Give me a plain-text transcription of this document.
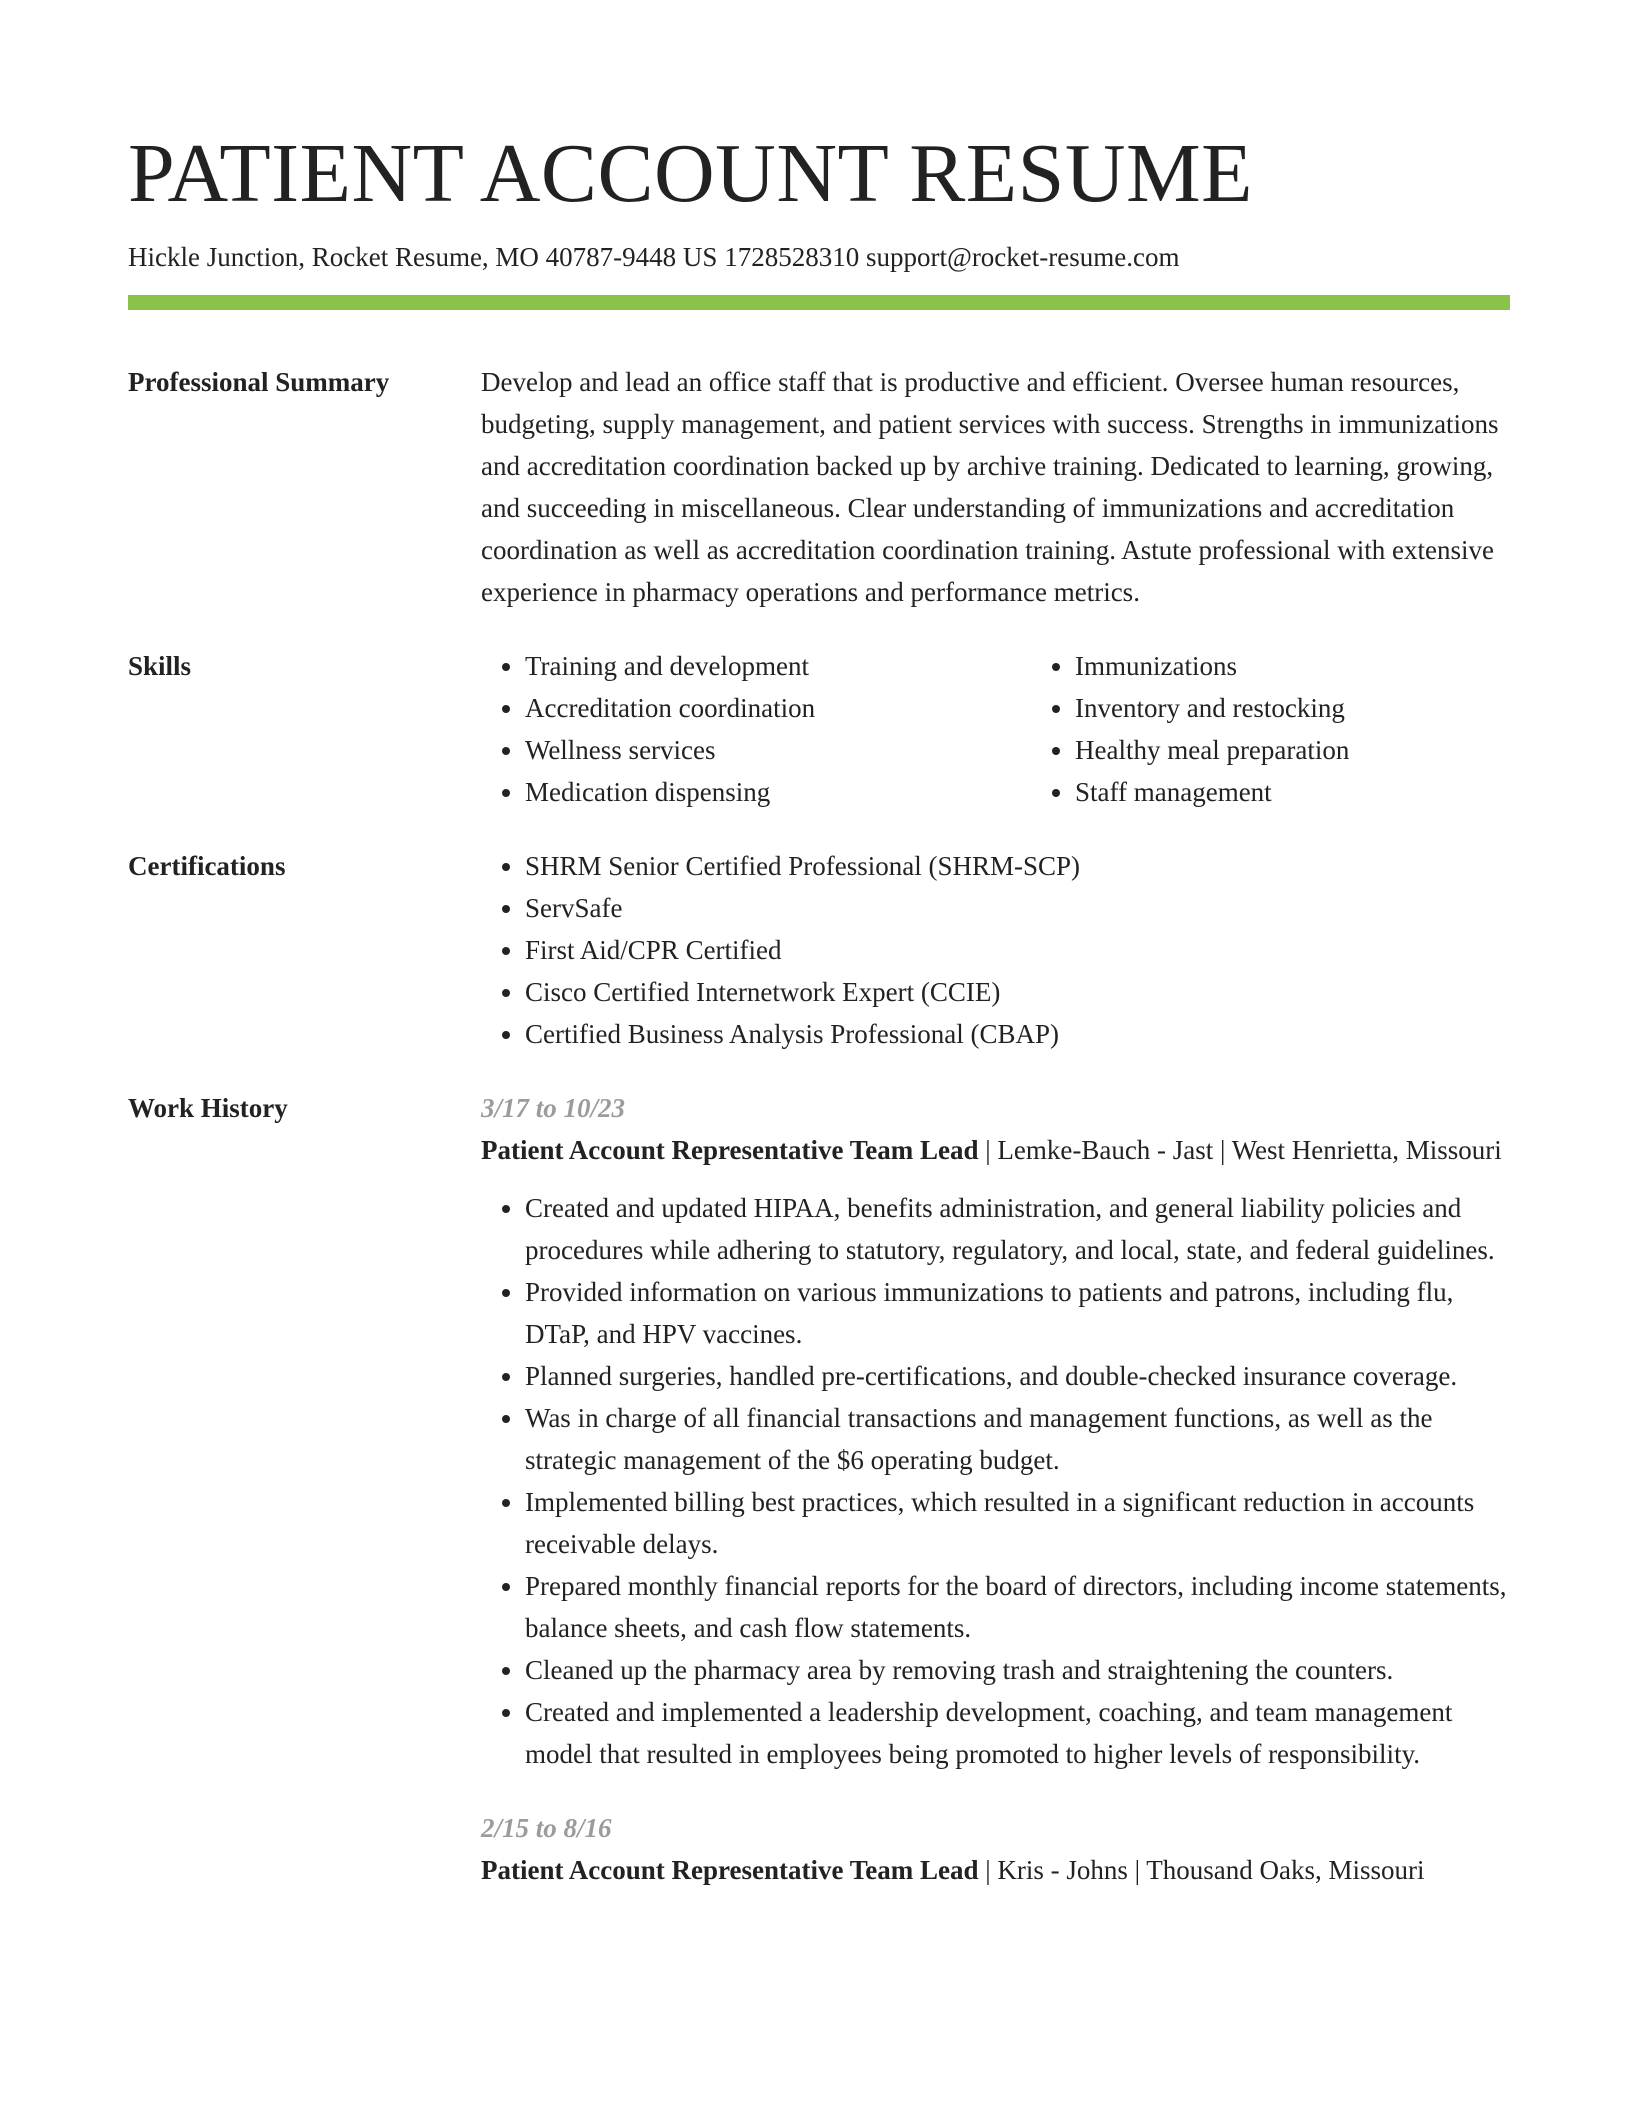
PATIENT ACCOUNT RESUME
Hickle Junction, Rocket Resume, MO 40787-9448 US 1728528310 support@rocket-resume.com
Professional Summary	Develop and lead an office staff that is productive and efficient. Oversee human resources, budgeting, supply management, and patient services with success. Strengths in immunizations and accreditation coordination backed up by archive training. Dedicated to learning, growing, and succeeding in miscellaneous. Clear understanding of immunizations and accreditation coordination as well as accreditation coordination training. Astute professional with extensive experience in pharmacy operations and performance metrics.
Skills	• Training and development
• Accreditation coordination
• Wellness services
• Medication dispensing
• Immunizations
• Inventory and restocking
• Healthy meal preparation
• Staff management
Certifications	• SHRM Senior Certified Professional (SHRM-SCP)
• ServSafe
• First Aid/CPR Certified
• Cisco Certified Internetwork Expert (CCIE)
• Certified Business Analysis Professional (CBAP)
Work History	3/17 to 10/23
Patient Account Representative Team Lead | Lemke-Bauch - Jast | West Henrietta, Missouri
• Created and updated HIPAA, benefits administration, and general liability policies and procedures while adhering to statutory, regulatory, and local, state, and federal guidelines.
• Provided information on various immunizations to patients and patrons, including flu, DTaP, and HPV vaccines.
• Planned surgeries, handled pre-certifications, and double-checked insurance coverage.
• Was in charge of all financial transactions and management functions, as well as the strategic management of the $6 operating budget.
• Implemented billing best practices, which resulted in a significant reduction in accounts receivable delays.
• Prepared monthly financial reports for the board of directors, including income statements, balance sheets, and cash flow statements.
• Cleaned up the pharmacy area by removing trash and straightening the counters.
• Created and implemented a leadership development, coaching, and team management model that resulted in employees being promoted to higher levels of responsibility.
2/15 to 8/16
Patient Account Representative Team Lead | Kris - Johns | Thousand Oaks, Missouri
